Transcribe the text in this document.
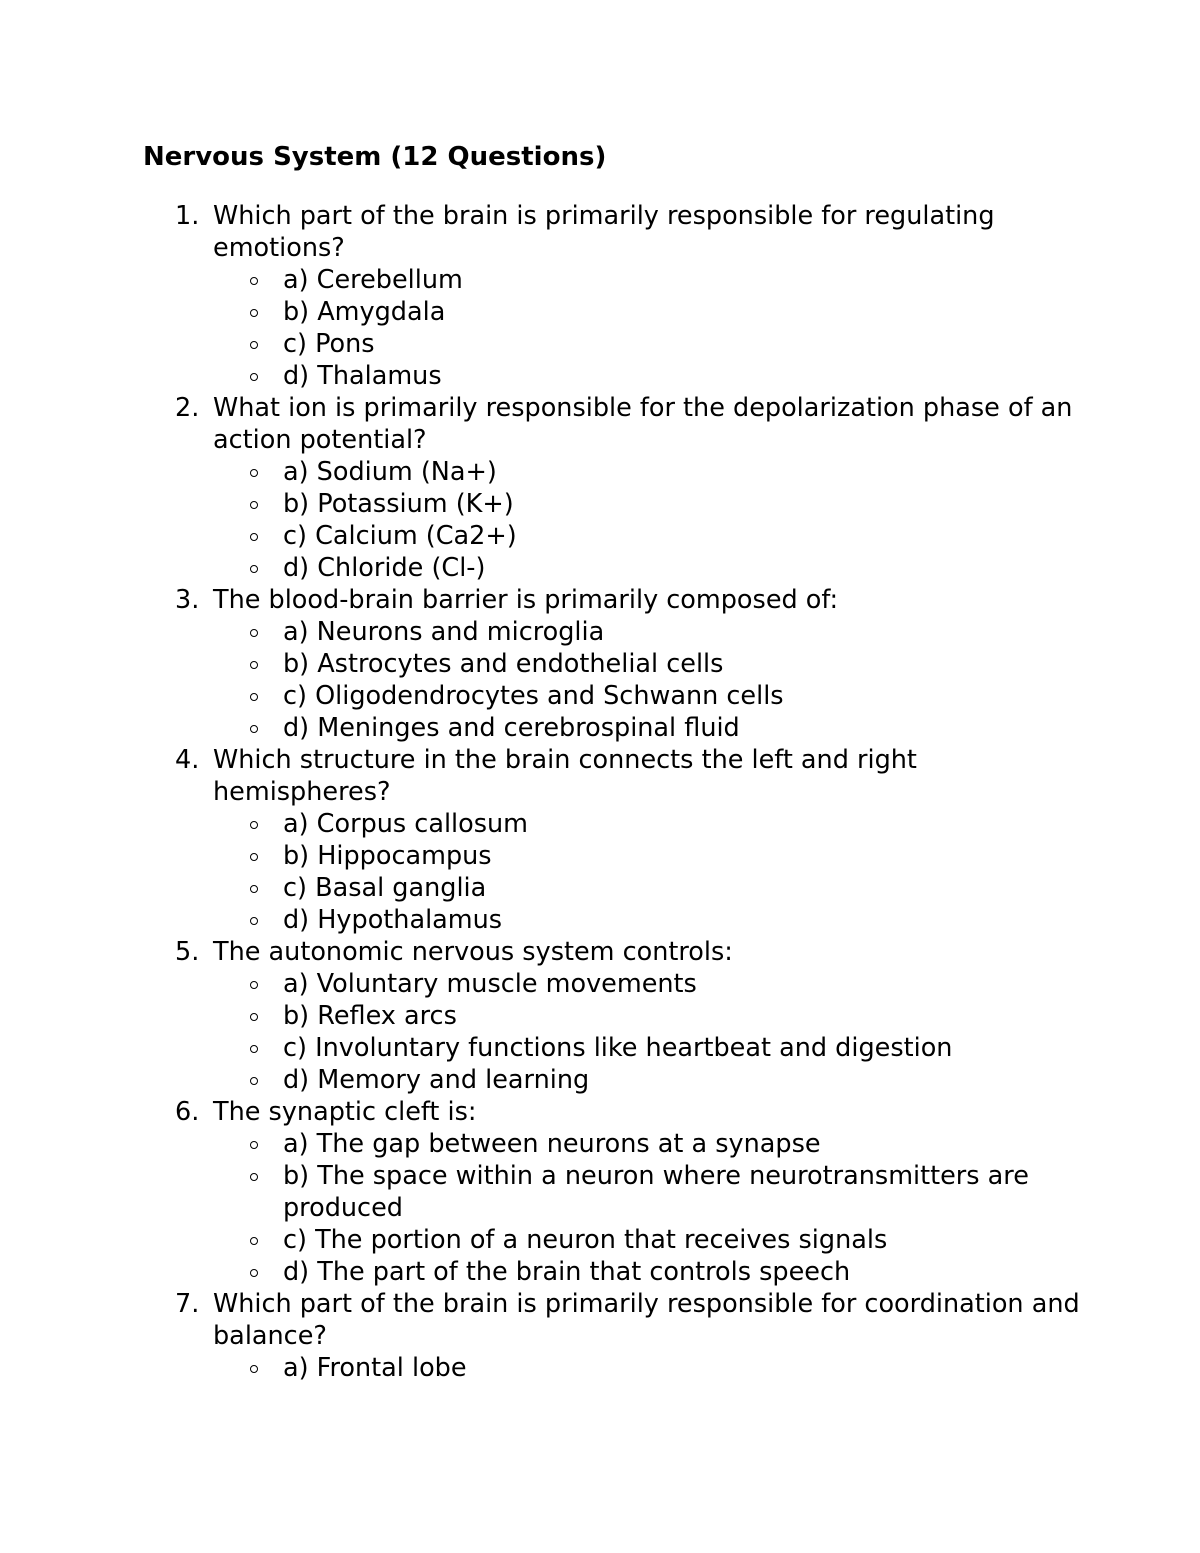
Nervous System (12 Questions)
1. Which part of the brain is primarily responsible for regulating emotions?
a) Cerebellum
b) Amygdala
c) Pons
d) Thalamus
2. What ion is primarily responsible for the depolarization phase of an action potential?
a) Sodium (Na+)
b) Potassium (K+)
c) Calcium (Ca2+)
d) Chloride (Cl-)
3. The blood-brain barrier is primarily composed of:
a) Neurons and microglia
b) Astrocytes and endothelial cells
c) Oligodendrocytes and Schwann cells
d) Meninges and cerebrospinal fluid
4. Which structure in the brain connects the left and right hemispheres?
a) Corpus callosum
b) Hippocampus
c) Basal ganglia
d) Hypothalamus
5. The autonomic nervous system controls:
a) Voluntary muscle movements
b) Reflex arcs
c) Involuntary functions like heartbeat and digestion
d) Memory and learning
6. The synaptic cleft is:
a) The gap between neurons at a synapse
b) The space within a neuron where neurotransmitters are produced
c) The portion of a neuron that receives signals
d) The part of the brain that controls speech
7. Which part of the brain is primarily responsible for coordination and balance?
a) Frontal lobe
